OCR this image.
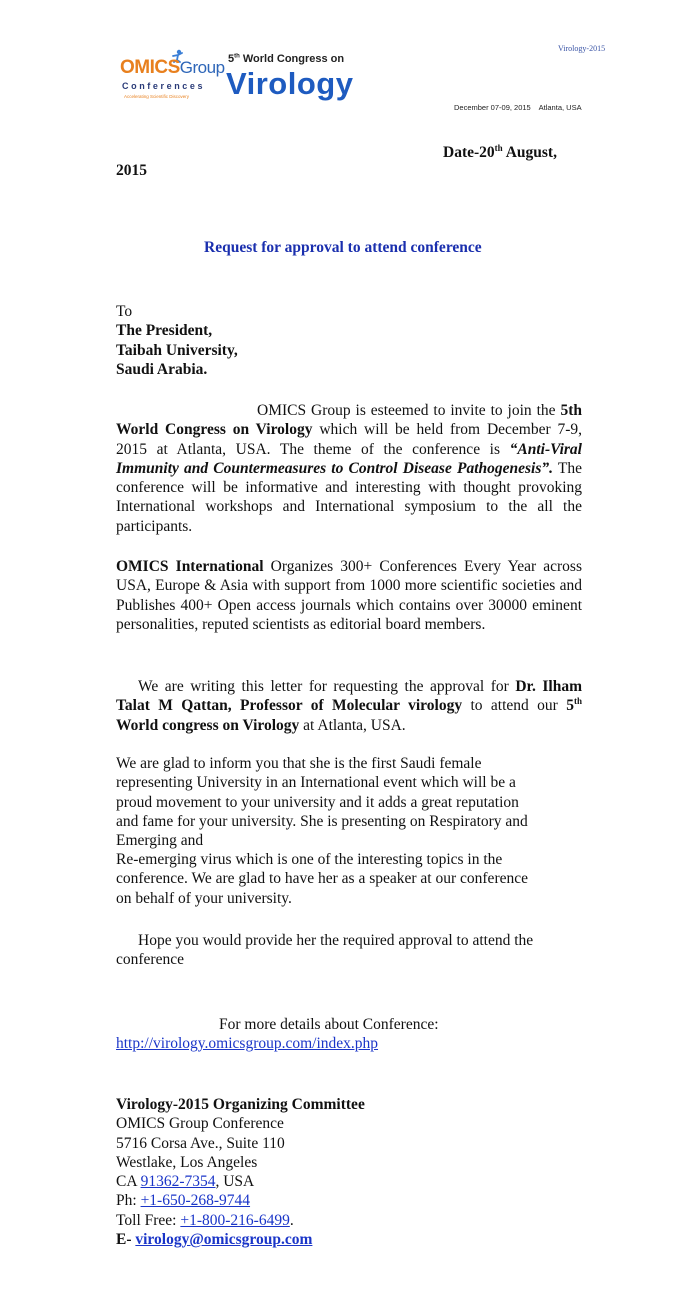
Virology-2015
OMICSGroup
Conferences
Accelerating Scientific Discovery
5th World Congress on
Virology
December 07-09, 2015    Atlanta, USA
Date-20th August,
2015
Request for approval to attend conference
To
The President,
Taibah University,
Saudi Arabia.
OMICS Group is esteemed to invite to join the 5th World Congress on Virology which will be held from December 7-9, 2015 at Atlanta, USA. The theme of the conference is “Anti-Viral Immunity and Countermeasures to Control Disease Pathogenesis”. The conference will be informative and interesting with thought provoking International workshops and International symposium to the all the participants.
OMICS International Organizes 300+ Conferences Every Year across USA, Europe & Asia with support from 1000 more scientific societies and Publishes 400+ Open access journals which contains over 30000 eminent personalities, reputed scientists as editorial board members.
We are writing this letter for requesting the approval for Dr. Ilham Talat M Qattan, Professor of Molecular virology to attend our 5th World congress on Virology at Atlanta, USA.
We are glad to inform you that she is the first Saudi female
representing University in an International event which will be a
proud movement to your university and it adds a great reputation
and fame for your university. She is presenting on Respiratory and
Emerging and
Re-emerging virus which is one of the interesting topics in the
conference. We are glad to have her as a speaker at our conference
on behalf of your university.
Hope you would provide her the required approval to attend the
conference
For more details about Conference:
http://virology.omicsgroup.com/index.php
Virology-2015 Organizing Committee
OMICS Group Conference
5716 Corsa Ave., Suite 110
Westlake, Los Angeles
CA 91362-7354, USA
Ph: +1-650-268-9744
Toll Free: +1-800-216-6499.
E- virology@omicsgroup.com
